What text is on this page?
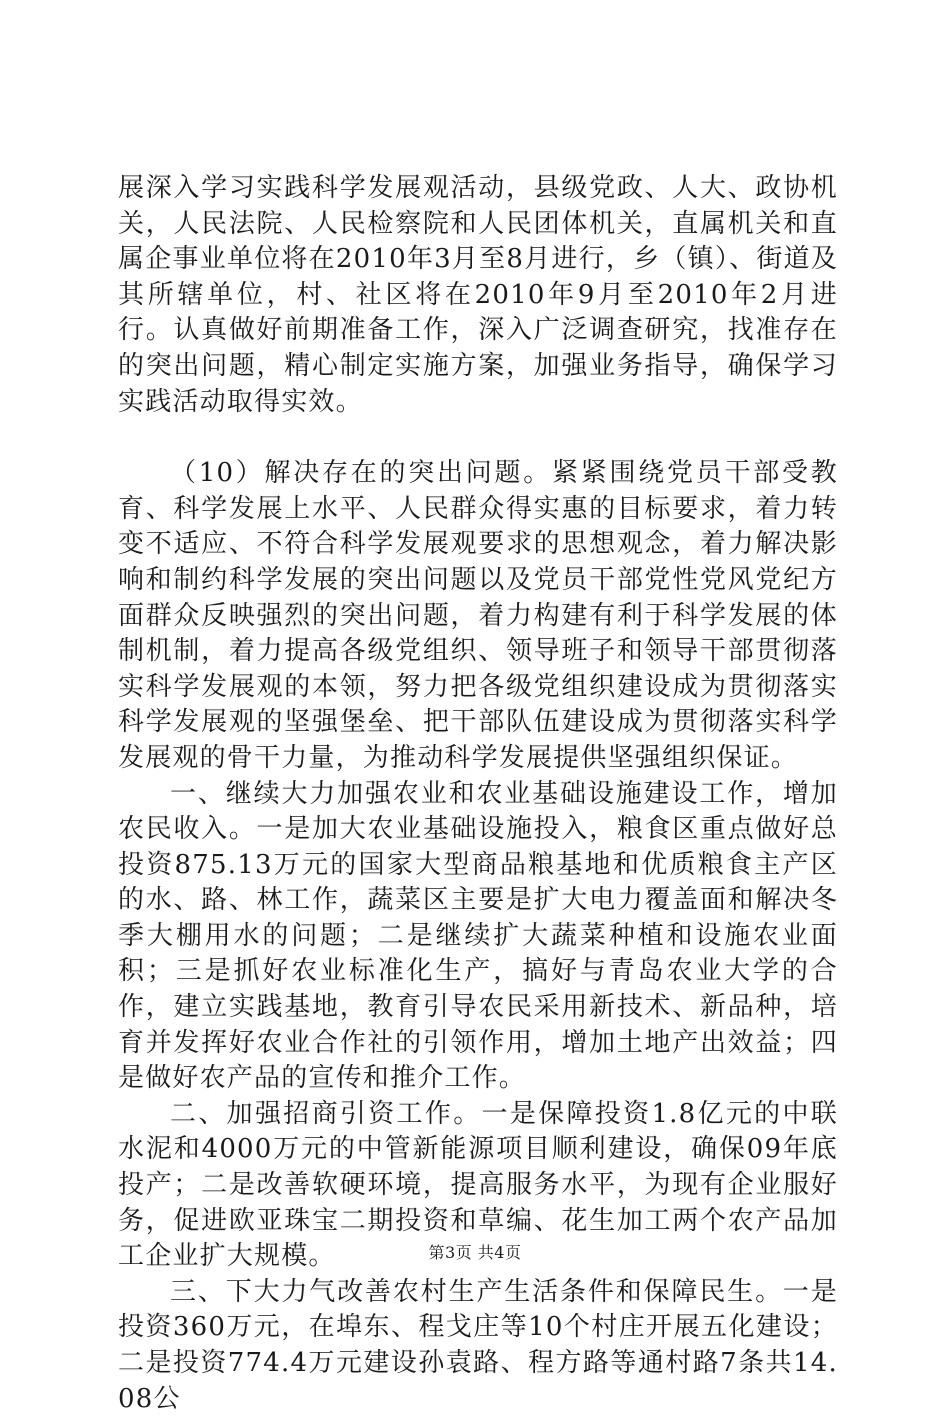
展深入学习实践科学发展观活动，县级党政、人大、政协机关，人民法院、人民检察院和人民团体机关，直属机关和直属企事业单位将在2010年3月至8月进行，乡（镇）、街道及其所辖单位，村、社区将在2010年9月至2010年2月进行。认真做好前期准备工作，深入广泛调查研究，找准存在的突出问题，精心制定实施方案，加强业务指导，确保学习实践活动取得实效。

（10）解决存在的突出问题。紧紧围绕党员干部受教育、科学发展上水平、人民群众得实惠的目标要求，着力转变不适应、不符合科学发展观要求的思想观念，着力解决影响和制约科学发展的突出问题以及党员干部党性党风党纪方面群众反映强烈的突出问题，着力构建有利于科学发展的体制机制，着力提高各级党组织、领导班子和领导干部贯彻落实科学发展观的本领，努力把各级党组织建设成为贯彻落实科学发展观的坚强堡垒、把干部队伍建设成为贯彻落实科学发展观的骨干力量，为推动科学发展提供坚强组织保证。

一、继续大力加强农业和农业基础设施建设工作，增加农民收入。一是加大农业基础设施投入，粮食区重点做好总投资875.13万元的国家大型商品粮基地和优质粮食主产区的水、路、林工作，蔬菜区主要是扩大电力覆盖面和解决冬季大棚用水的问题；二是继续扩大蔬菜种植和设施农业面积；三是抓好农业标准化生产，搞好与青岛农业大学的合作，建立实践基地，教育引导农民采用新技术、新品种，培育并发挥好农业合作社的引领作用，增加土地产出效益；四是做好农产品的宣传和推介工作。

二、加强招商引资工作。一是保障投资1.8亿元的中联水泥和4000万元的中管新能源项目顺利建设，确保09年底投产；二是改善软硬环境，提高服务水平，为现有企业服好务，促进欧亚珠宝二期投资和草编、花生加工两个农产品加工企业扩大规模。

三、下大力气改善农村生产生活条件和保障民生。一是投资360万元，在埠东、程戈庄等10个村庄开展五化建设；二是投资774.4万元建设孙袁路、程方路等通村路7条共14.08公

第3页 共4页
